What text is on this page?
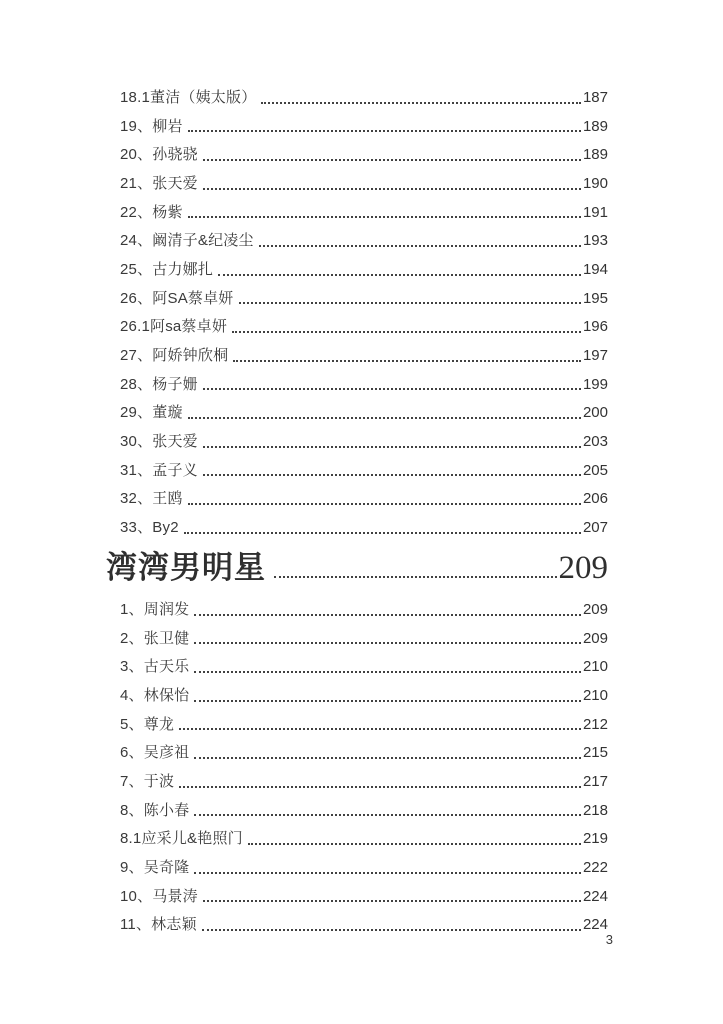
18.1董洁（姨太版）	187
19、柳岩	189
20、孙骁骁	189
21、张天爱	190
22、杨紫	191
24、阚清子&纪凌尘	193
25、古力娜扎	194
26、阿SA蔡卓妍	195
26.1阿sa蔡卓妍	196
27、阿娇钟欣桐	197
28、杨子姗	199
29、董璇	200
30、张天爱	203
31、孟子义	205
32、王鸥	206
33、By2	207
湾湾男明星	209
1、周润发	209
2、张卫健	209
3、古天乐	210
4、林保怡	210
5、尊龙	212
6、吴彦祖	215
7、于波	217
8、陈小春	218
8.1应采儿&艳照门	219
9、吴奇隆	222
10、马景涛	224
11、林志颖	224
3
